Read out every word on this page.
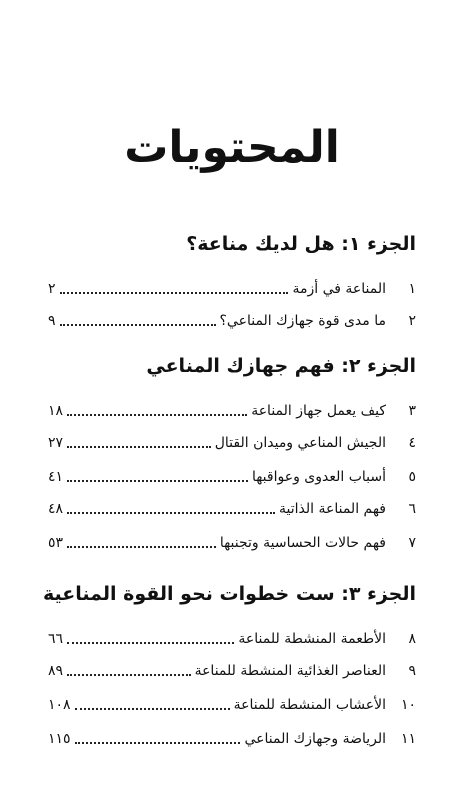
المحتويات
الجزء ١: هل لديك مناعة؟
١
المناعة في أزمة
٢
٢
ما مدى قوة جهازك المناعي؟
٩
الجزء ٢: فهم جهازك المناعي
٣
كيف يعمل جهاز المناعة
١٨
٤
الجيش المناعي وميدان القتال
٢٧
٥
أسباب العدوى وعواقبها
٤١
٦
فهم المناعة الذاتية
٤٨
٧
فهم حالات الحساسية وتجنبها
٥٣
الجزء ٣: ست خطوات نحو القوة المناعية
٨
الأطعمة المنشطة للمناعة
٦٦
٩
العناصر الغذائية المنشطة للمناعة
٨٩
١٠
الأعشاب المنشطة للمناعة
١٠٨
١١
الرياضة وجهازك المناعي
١١٥
